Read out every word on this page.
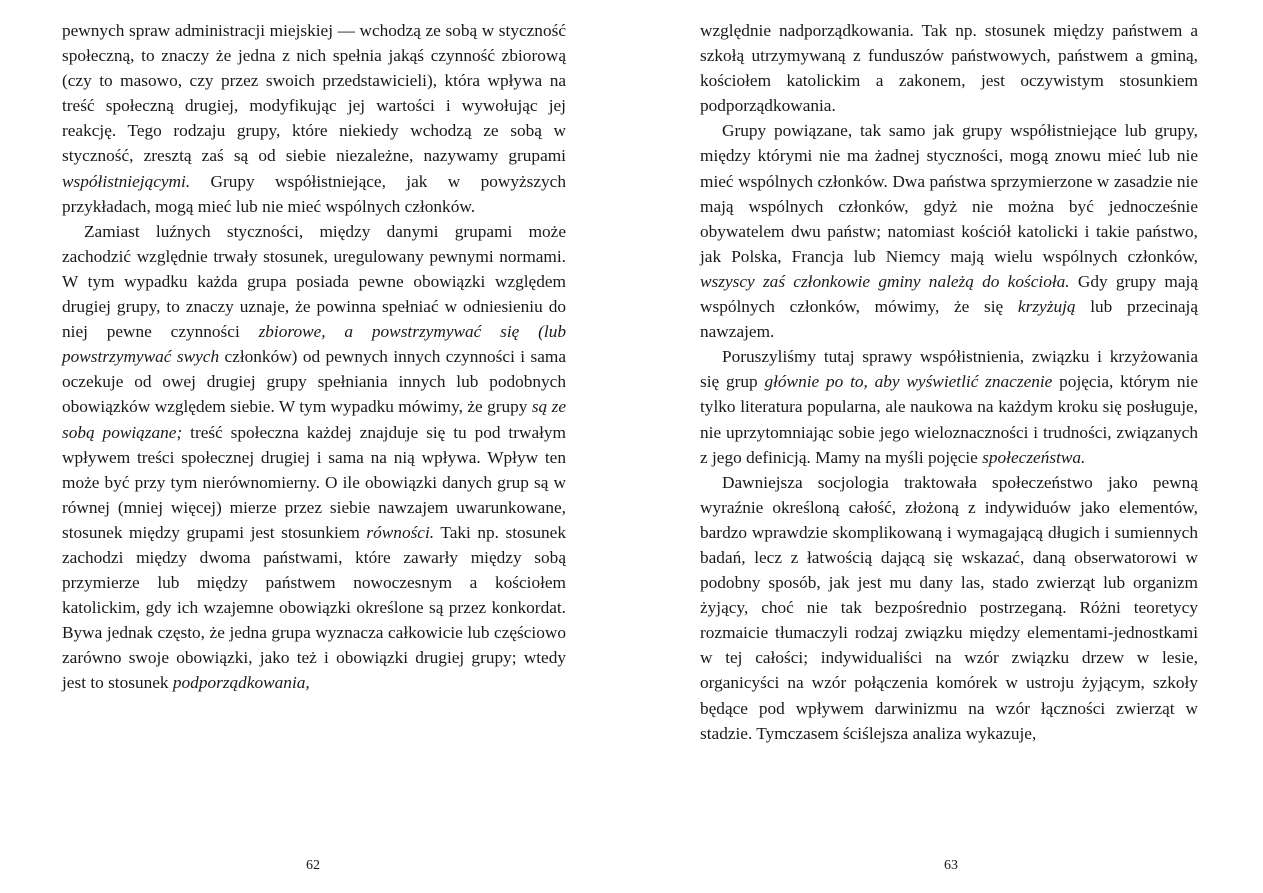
pewnych spraw administracji miejskiej — wchodzą ze sobą w styczność społeczną, to znaczy że jedna z nich spełnia jakąś czynność zbiorową (czy to masowo, czy przez swoich przedstawicieli), która wpływa na treść społeczną drugiej, modyfikując jej wartości i wywołując jej reakcję. Tego rodzaju grupy, które niekiedy wchodzą ze sobą w styczność, zresztą zaś są od siebie niezależne, nazywamy grupami współistniejącymi. Grupy współistniejące, jak w powyższych przykładach, mogą mieć lub nie mieć wspólnych członków.

Zamiast luźnych styczności, między danymi grupami może zachodzić względnie trwały stosunek, uregulowany pewnymi normami. W tym wypadku każda grupa posiada pewne obowiązki względem drugiej grupy, to znaczy uznaje, że powinna spełniać w odniesieniu do niej pewne czynności zbiorowe, a powstrzymywać się (lub powstrzymywać swych członków) od pewnych innych czynności i sama oczekuje od owej drugiej grupy spełniania innych lub podobnych obowiązków względem siebie. W tym wypadku mówimy, że grupy są ze sobą powiązane; treść społeczna każdej znajduje się tu pod trwałym wpływem treści społecznej drugiej i sama na nią wpływa. Wpływ ten może być przy tym nierównomierny. O ile obowiązki danych grup są w równej (mniej więcej) mierze przez siebie nawzajem uwarunkowane, stosunek między grupami jest stosunkiem równości. Taki np. stosunek zachodzi między dwoma państwami, które zawarły między sobą przymierze lub między państwem nowoczesnym a kościołem katolickim, gdy ich wzajemne obowiązki określone są przez konkordat. Bywa jednak często, że jedna grupa wyznacza całkowicie lub częściowo zarówno swoje obowiązki, jako też i obowiązki drugiej grupy; wtedy jest to stosunek podporządkowania,

62

względnie nadporządkowania. Tak np. stosunek między państwem a szkołą utrzymywaną z funduszów państwowych, państwem a gminą, kościołem katolickim a zakonem, jest oczywistym stosunkiem podporządkowania.

Grupy powiązane, tak samo jak grupy współistniejące lub grupy, między którymi nie ma żadnej styczności, mogą znowu mieć lub nie mieć wspólnych członków. Dwa państwa sprzymierzone w zasadzie nie mają wspólnych członków, gdyż nie można być jednocześnie obywatelem dwu państw; natomiast kościół katolicki i takie państwo, jak Polska, Francja lub Niemcy mają wielu wspólnych członków, wszyscy zaś członkowie gminy należą do kościoła. Gdy grupy mają wspólnych członków, mówimy, że się krzyżują lub przecinają nawzajem.

Poruszyliśmy tutaj sprawy współistnienia, związku i krzyżowania się grup głównie po to, aby wyświetlić znaczenie pojęcia, którym nie tylko literatura popularna, ale naukowa na każdym kroku się posługuje, nie uprzytomniając sobie jego wieloznaczności i trudności, związanych z jego definicją. Mamy na myśli pojęcie społeczeństwa.

Dawniejsza socjologia traktowała społeczeństwo jako pewną wyraźnie określoną całość, złożoną z indywiduów jako elementów, bardzo wprawdzie skomplikowaną i wymagającą długich i sumiennych badań, lecz z łatwością dającą się wskazać, daną obserwatorowi w podobny sposób, jak jest mu dany las, stado zwierząt lub organizm żyjący, choć nie tak bezpośrednio postrzeganą. Różni teoretycy rozmaicie tłumaczyli rodzaj związku między elementami-jednostkami w tej całości; indywidualiści na wzór związku drzew w lesie, organicyści na wzór połączenia komórek w ustroju żyjącym, szkoły będące pod wpływem darwinizmu na wzór łączności zwierząt w stadzie. Tymczasem ściślejsza analiza wykazuje,

63
